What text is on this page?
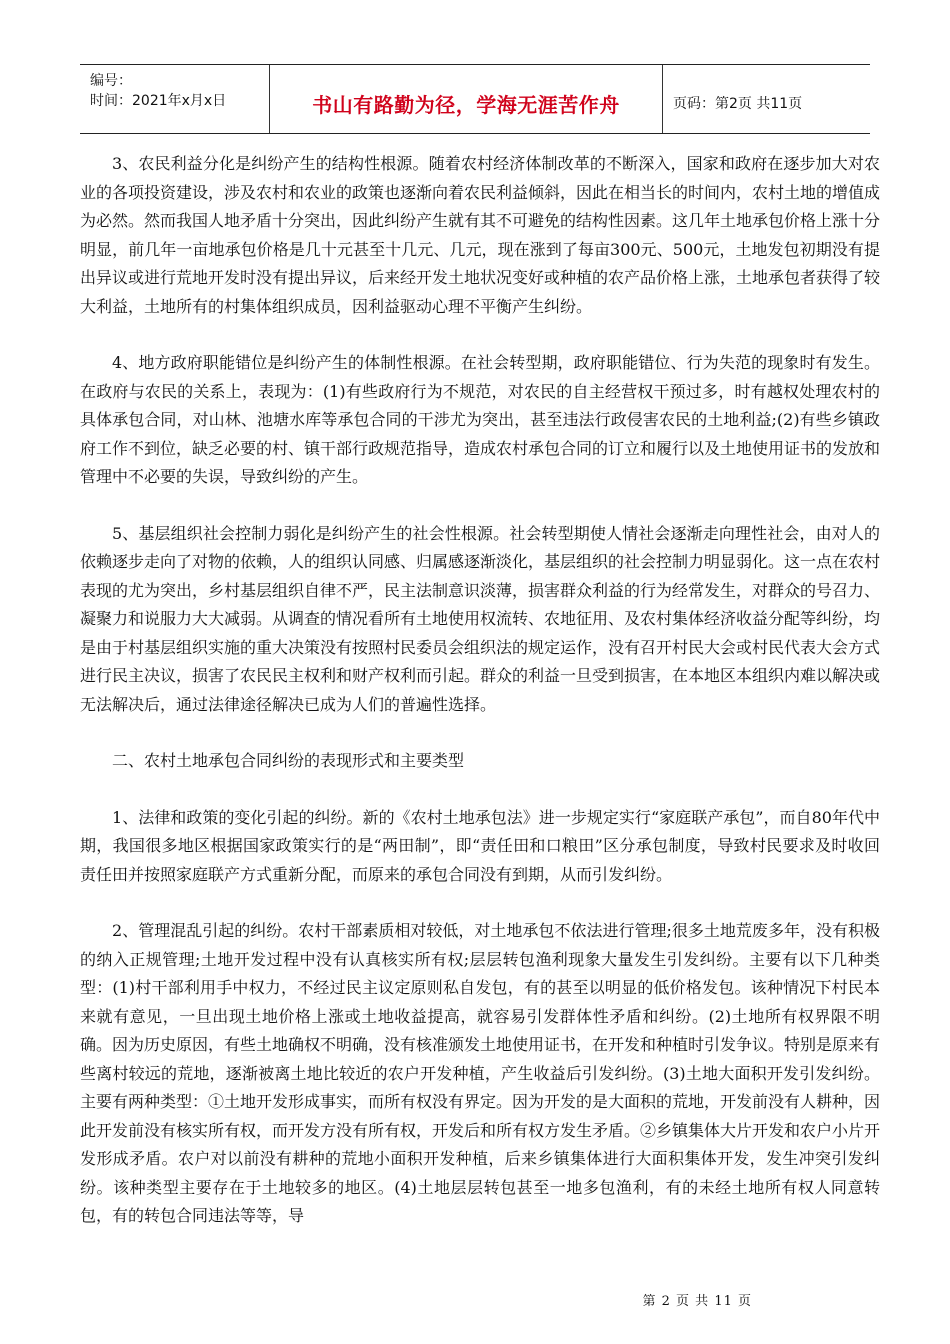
编号：
时间：2021年x月x日	书山有路勤为径，学海无涯苦作舟	页码：第2页 共11页

3、农民利益分化是纠纷产生的结构性根源。随着农村经济体制改革的不断深入，国家和政府在逐步加大对农业的各项投资建设，涉及农村和农业的政策也逐渐向着农民利益倾斜，因此在相当长的时间内，农村土地的增值成为必然。然而我国人地矛盾十分突出，因此纠纷产生就有其不可避免的结构性因素。这几年土地承包价格上涨十分明显，前几年一亩地承包价格是几十元甚至十几元、几元，现在涨到了每亩300元、500元，土地发包初期没有提出异议或进行荒地开发时没有提出异议，后来经开发土地状况变好或种植的农产品价格上涨，土地承包者获得了较大利益，土地所有的村集体组织成员，因利益驱动心理不平衡产生纠纷。

4、地方政府职能错位是纠纷产生的体制性根源。在社会转型期，政府职能错位、行为失范的现象时有发生。在政府与农民的关系上，表现为：(1)有些政府行为不规范，对农民的自主经营权干预过多，时有越权处理农村的具体承包合同，对山林、池塘水库等承包合同的干涉尤为突出，甚至违法行政侵害农民的土地利益;(2)有些乡镇政府工作不到位，缺乏必要的村、镇干部行政规范指导，造成农村承包合同的订立和履行以及土地使用证书的发放和管理中不必要的失误，导致纠纷的产生。

5、基层组织社会控制力弱化是纠纷产生的社会性根源。社会转型期使人情社会逐渐走向理性社会，由对人的依赖逐步走向了对物的依赖，人的组织认同感、归属感逐渐淡化，基层组织的社会控制力明显弱化。这一点在农村表现的尤为突出，乡村基层组织自律不严，民主法制意识淡薄，损害群众利益的行为经常发生，对群众的号召力、凝聚力和说服力大大减弱。从调查的情况看所有土地使用权流转、农地征用、及农村集体经济收益分配等纠纷，均是由于村基层组织实施的重大决策没有按照村民委员会组织法的规定运作，没有召开村民大会或村民代表大会方式进行民主决议，损害了农民民主权利和财产权利而引起。群众的利益一旦受到损害，在本地区本组织内难以解决或无法解决后，通过法律途径解决已成为人们的普遍性选择。

二、农村土地承包合同纠纷的表现形式和主要类型

1、法律和政策的变化引起的纠纷。新的《农村土地承包法》进一步规定实行“家庭联产承包”，而自80年代中期，我国很多地区根据国家政策实行的是“两田制”，即“责任田和口粮田”区分承包制度，导致村民要求及时收回责任田并按照家庭联产方式重新分配，而原来的承包合同没有到期，从而引发纠纷。

2、管理混乱引起的纠纷。农村干部素质相对较低，对土地承包不依法进行管理;很多土地荒废多年，没有积极的纳入正规管理;土地开发过程中没有认真核实所有权;层层转包渔利现象大量发生引发纠纷。主要有以下几种类型：(1)村干部利用手中权力，不经过民主议定原则私自发包，有的甚至以明显的低价格发包。该种情况下村民本来就有意见，一旦出现土地价格上涨或土地收益提高，就容易引发群体性矛盾和纠纷。(2)土地所有权界限不明确。因为历史原因，有些土地确权不明确，没有核准颁发土地使用证书，在开发和种植时引发争议。特别是原来有些离村较远的荒地，逐渐被离土地比较近的农户开发种植，产生收益后引发纠纷。(3)土地大面积开发引发纠纷。主要有两种类型：①土地开发形成事实，而所有权没有界定。因为开发的是大面积的荒地，开发前没有人耕种，因此开发前没有核实所有权，而开发方没有所有权，开发后和所有权方发生矛盾。②乡镇集体大片开发和农户小片开发形成矛盾。农户对以前没有耕种的荒地小面积开发种植，后来乡镇集体进行大面积集体开发，发生冲突引发纠纷。该种类型主要存在于土地较多的地区。(4)土地层层转包甚至一地多包渔利，有的未经土地所有权人同意转包，有的转包合同违法等等，导

第 2 页 共 11 页
